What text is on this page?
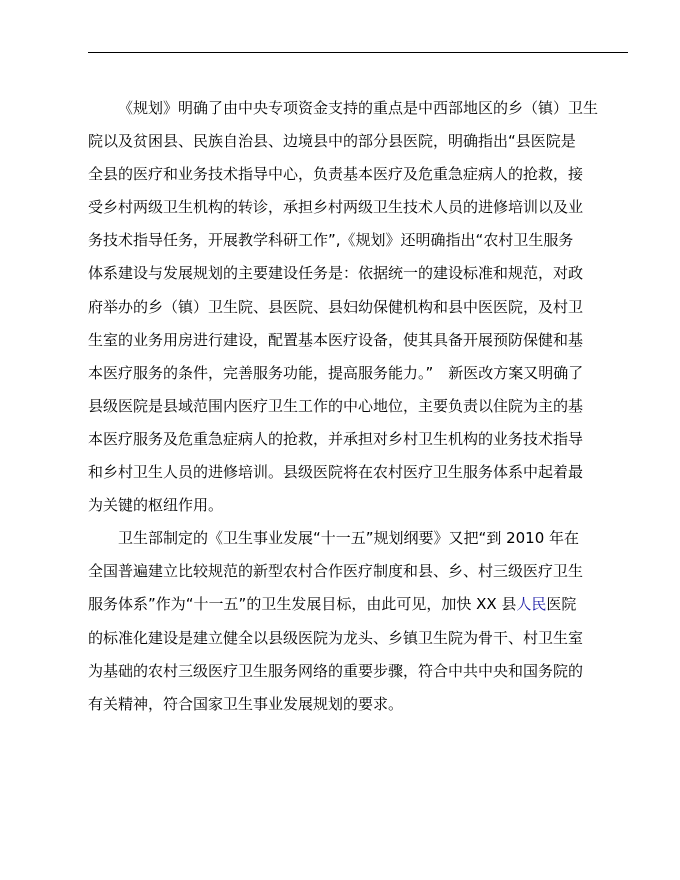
《规划》明确了由中央专项资金支持的重点是中西部地区的乡（镇）卫生
院以及贫困县、民族自治县、边境县中的部分县医院，明确指出“县医院是
全县的医疗和业务技术指导中心，负责基本医疗及危重急症病人的抢救，接
受乡村两级卫生机构的转诊，承担乡村两级卫生技术人员的进修培训以及业
务技术指导任务，开展教学科研工作”,《规划》还明确指出“农村卫生服务
体系建设与发展规划的主要建设任务是：依据统一的建设标准和规范，对政
府举办的乡（镇）卫生院、县医院、县妇幼保健机构和县中医医院，及村卫
生室的业务用房进行建设，配置基本医疗设备，使其具备开展预防保健和基
本医疗服务的条件，完善服务功能，提高服务能力。”　新医改方案又明确了
县级医院是县域范围内医疗卫生工作的中心地位，主要负责以住院为主的基
本医疗服务及危重急症病人的抢救，并承担对乡村卫生机构的业务技术指导
和乡村卫生人员的进修培训。县级医院将在农村医疗卫生服务体系中起着最
为关键的枢纽作用。
卫生部制定的《卫生事业发展“十一五”规划纲要》又把“到 2010 年在
全国普遍建立比较规范的新型农村合作医疗制度和县、乡、村三级医疗卫生
服务体系”作为“十一五”的卫生发展目标，由此可见，加快 XX 县人民医院
的标准化建设是建立健全以县级医院为龙头、乡镇卫生院为骨干、村卫生室
为基础的农村三级医疗卫生服务网络的重要步骤，符合中共中央和国务院的
有关精神，符合国家卫生事业发展规划的要求。
